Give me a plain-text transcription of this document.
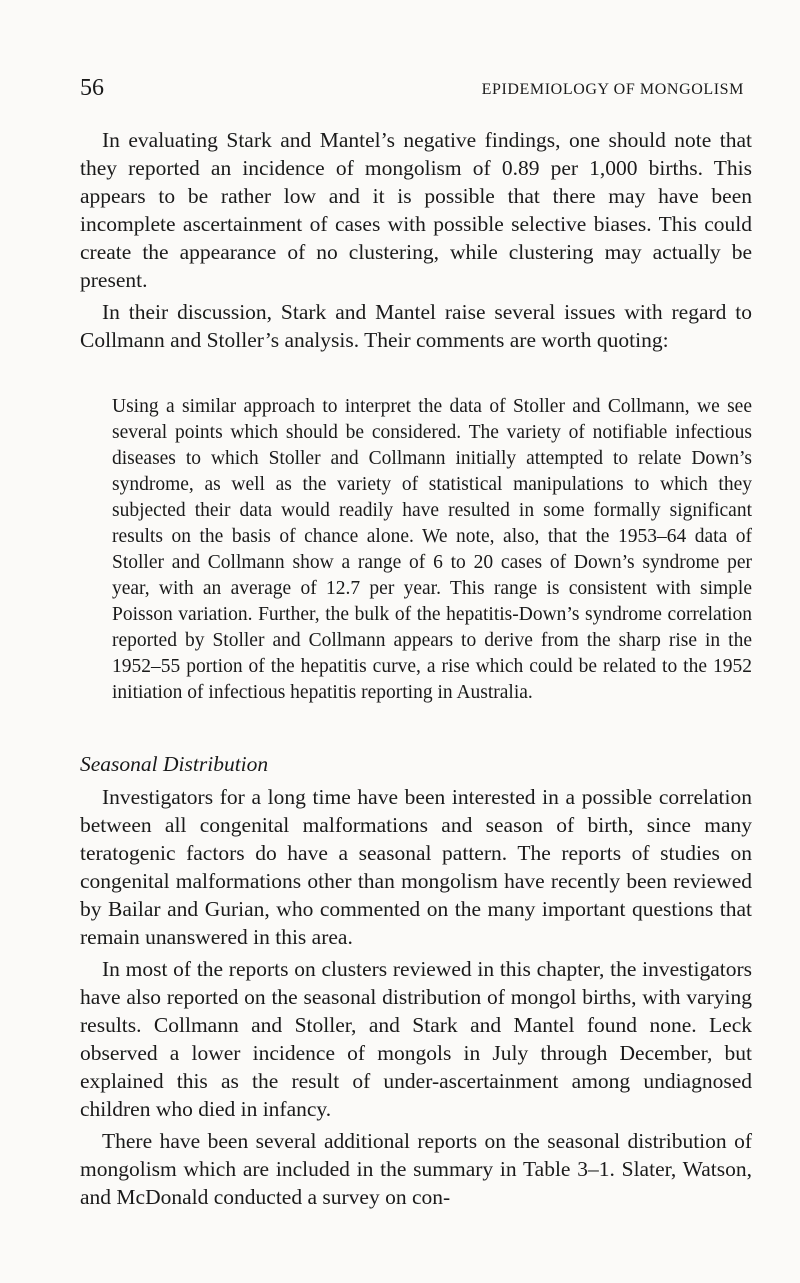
56	EPIDEMIOLOGY OF MONGOLISM

In evaluating Stark and Mantel’s negative findings, one should note that they reported an incidence of mongolism of 0.89 per 1,000 births. This appears to be rather low and it is possible that there may have been incomplete ascertainment of cases with possible selective biases. This could create the appearance of no clustering, while clustering may actually be present.

In their discussion, Stark and Mantel raise several issues with regard to Collmann and Stoller’s analysis. Their comments are worth quoting:

Using a similar approach to interpret the data of Stoller and Collmann, we see several points which should be considered. The variety of notifiable infectious diseases to which Stoller and Collmann initially attempted to relate Down’s syndrome, as well as the variety of statistical manipulations to which they subjected their data would readily have resulted in some formally significant results on the basis of chance alone. We note, also, that the 1953–64 data of Stoller and Collmann show a range of 6 to 20 cases of Down’s syndrome per year, with an average of 12.7 per year. This range is consistent with simple Poisson variation. Further, the bulk of the hepatitis-Down’s syndrome correlation reported by Stoller and Collmann appears to derive from the sharp rise in the 1952–55 portion of the hepatitis curve, a rise which could be related to the 1952 initiation of infectious hepatitis reporting in Australia.

Seasonal Distribution

Investigators for a long time have been interested in a possible correlation between all congenital malformations and season of birth, since many teratogenic factors do have a seasonal pattern. The reports of studies on congenital malformations other than mongolism have recently been reviewed by Bailar and Gurian, who commented on the many important questions that remain unanswered in this area.

In most of the reports on clusters reviewed in this chapter, the investigators have also reported on the seasonal distribution of mongol births, with varying results. Collmann and Stoller, and Stark and Mantel found none. Leck observed a lower incidence of mongols in July through December, but explained this as the result of under-ascertainment among undiagnosed children who died in infancy.

There have been several additional reports on the seasonal distribution of mongolism which are included in the summary in Table 3–1. Slater, Watson, and McDonald conducted a survey on con-
